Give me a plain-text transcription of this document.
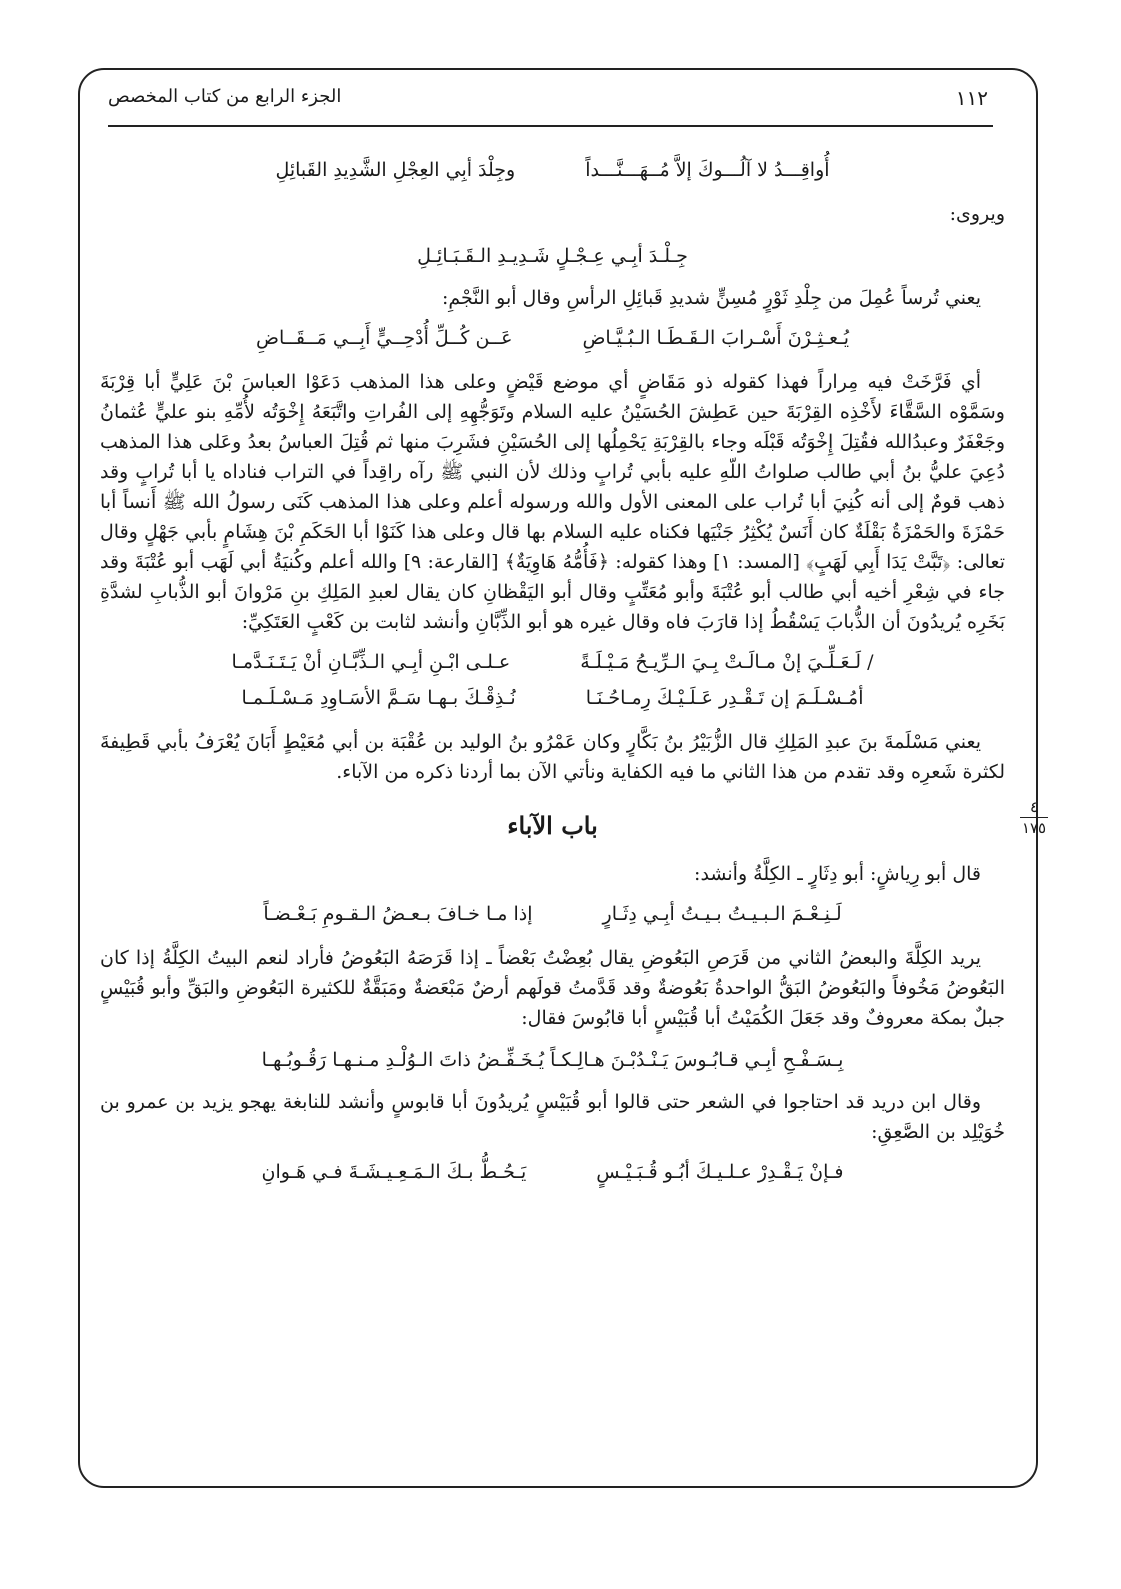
١١٢
الجزء الرابع من كتاب المخصص
٤
١٧٥
أُواقِـــدُ لا آلُـــوكَ إلاَّ مُــهَـــنَّـــداً
وجِلْدَ أبِي العِجْلِ الشَّدِيدِ القَبائِلِ

ويروى:

جِـلْـدَ أبِـي عِـجْـلٍ شَـدِيـدِ الـقَـبَـائِـلِ

يعني تُرساً عُمِلَ من جِلْدِ ثَوْرٍ مُسِنٍّ شديدِ قَبائِلِ الرأسِ وقال أبو النَّجْمِ:

يُـعـثِـرْنَ أَسْـرابَ الـقَـطَـا الـبُـيَّـاضِ
عَــن كُــلِّ أُدْحِــيٍّ أَبِــي مَــقَــاضِ

أي فَرَّخَتْ فيه مِراراً فهذا كقوله ذو مَقَاضٍ أي موضع قَيْضٍ وعلى هذا المذهب دَعَوْا العباسَ بْنَ عَلِيٍّ أبا قِرْبَةَ وسَمَّوْه السَّقَّاءَ لأَخْذِه القِرْبَةَ حين عَطِشَ الحُسَيْنُ عليه السلام وتَوَجُّهِهِ إلى الفُراتِ واتَّبَعَهُ إِخْوَتُه لأُمِّهِ بنو عليٍّ عُثمانُ وجَعْفَرٌ وعبدُالله فقُتِلَ إِخْوَتُه قَبْلَه وجاء بالقِرْبَةِ يَحْمِلُها إلى الحُسَيْنِ فشَرِبَ منها ثم قُتِلَ العباسُ بعدُ وعَلى هذا المذهب دُعِيَ عليُّ بنُ أبي طالب صلواتُ اللّهِ عليه بأبي تُرابٍ وذلك لأن النبي ﷺ رآه راقِداً في التراب فناداه يا أبا تُرابٍ وقد ذهب قومٌ إلى أنه كُنِيَ أبا تُراب على المعنى الأول والله ورسوله أعلم وعلى هذا المذهب كَنَى رسولُ الله ﷺ أَنساً أبا حَمْزَةَ والحَمْزَةُ بَقْلَةٌ كان أَنَسٌ يُكْثِرُ جَنْيَها فكناه عليه السلام بها قال وعلى هذا كَنَوْا أبا الحَكَمِ بْنَ هِشَامٍ بأبي جَهْلٍ وقال تعالى: ﴿تَبَّتْ يَدَا أَبِي لَهَبٍ﴾ [المسد: ١] وهذا كقوله: ﴿فَأُمُّهُ هَاوِيَةٌ﴾ [القارعة: ٩] والله أعلم وكُنيَةُ أبي لَهَب أبو عُتْبَةَ وقد جاء في شِعْرِ أخيه أبي طالب أبو عُتْبَةَ وأبو مُعَتِّبٍ وقال أبو اليَقْظانِ كان يقال لعبدِ المَلِكِ بنِ مَرْوانَ أبو الذُّبابِ لشدَّةِ بَخَرِه يُريدُونَ أن الذُّبابَ يَسْقُطُ إذا قارَبَ فاه وقال غيره هو أبو الذِّبَّانِ وأنشد لثابت بن كَعْبٍ العَتَكِيِّ:

/ لَـعَـلِّـيَ إنْ مـالَـتْ بِـيَ الـرِّيـحُ مَـيْـلَـةً
عـلـى ابْـنِ أبِـي الـذِّبَّـانِ أنْ يَـتَـنَـدَّمـا
أمُـسْـلَـمَ إن تَـقْـدِر عَـلَـيْـكَ رِمـاحُـنَـا
نُـذِقْـكَ بـهـا سَـمَّ الأسَـاوِدِ مَـسْـلَـمـا

يعني مَسْلَمةَ بنَ عبدِ المَلِكِ قال الزُّبَيْرُ بنُ بَكَّارٍ وكان عَمْرُو بنُ الوليد بن عُقْبَة بن أبي مُعَيْطٍ أَبَانَ يُعْرَفُ بأبي قَطِيفةَ لكثرة شَعرِه وقد تقدم من هذا الثاني ما فيه الكفاية ونأتي الآن بما أردنا ذكره من الآباء.

باب الآباء

قال أبو رِياشٍ: أبو دِثَارٍ ـ الكِلَّةُ وأنشد:

لَـنِـعْـمَ الـبـيـتُ بـيـتُ أبِـي دِثَـارٍ
إذا مـا خـافَ بـعـضُ الـقـومِ بَـعْـضـاً

يريد الكِلَّةَ والبعضُ الثاني من قَرَصِ البَعُوضِ يقال بُعِضْتُ بَعْضاً ـ إذا قَرَصَهُ البَعُوضُ فأراد لنعم البيتُ الكِلَّةُ إذا كان البَعُوضُ مَخُوفاً والبَعُوضُ البَقُّ الواحدةُ بَعُوضةٌ وقد قَدَّمتُ قولَهم أرضٌ مَبْعَضةٌ ومَبَقَّةٌ للكثيرة البَعُوضِ والبَقِّ وأبو قُبَيْسٍ جبلٌ بمكة معروفٌ وقد جَعَلَ الكُمَيْتُ أبا قُبَيْسٍ أبا قابُوسَ فقال:

بِـسَـفْـحِ أبِـي قـابُـوسَ يَـنْـدُبْـنَ هـالِـكـاً يُـخَـفِّـضُ ذاتَ الـوُلْـدِ مـنـهـا رَقُـوبُـهـا

وقال ابن دريد قد احتاجوا في الشعر حتى قالوا أبو قُبَيْسٍ يُريدُونَ أبا قابوسٍ وأنشد للنابغة يهجو يزيد بن عمرو بن خُوَيْلِد بن الصَّعِقِ:

فـإنْ يَـقْـدِرْ عـلـيـكَ أبُـو قُـبَـيْـسٍ
يَـحُـطُّ بـكَ الـمَـعِـيـشَـةَ فـي هَـوانِ
